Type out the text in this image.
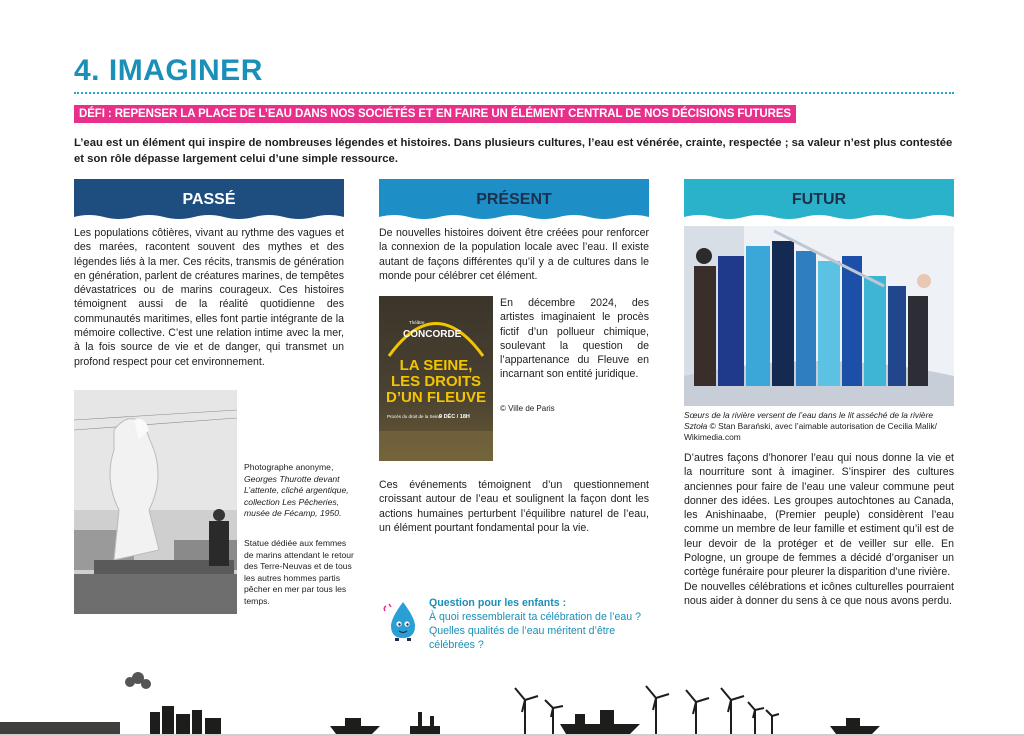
4. IMAGINER
DÉFI : REPENSER LA PLACE DE L’EAU DANS NOS SOCIÉTÉS ET EN FAIRE UN ÉLÉMENT CENTRAL DE NOS DÉCISIONS FUTURES
L’eau est un élément qui inspire de nombreuses légendes et histoires. Dans plusieurs cultures, l’eau est vénérée, crainte, respectée ; sa valeur n’est plus contestée et son rôle dépasse largement celui d’une simple ressource.
PASSÉ	PRÉSENT	FUTUR
Les populations côtières, vivant au rythme des vagues et des marées, racontent souvent des mythes et des légendes liés à la mer. Ces récits, transmis de génération en génération, parlent de créatures marines, de tempêtes dévastatrices ou de marins courageux. Ces histoires témoignent aussi de la réalité quotidienne des communautés maritimes, elles font partie intégrante de la mémoire collective. C’est une relation intime avec la mer, à la fois source de vie et de danger, qui transmet un profond respect pour cet environnement.
Photographe anonyme, Georges Thurotte devant L’attente, cliché argentique, collection Les Pêcheries, musée de Fécamp, 1950.
Statue dédiée aux femmes de marins attendant le retour des Terre-Neuvas et de tous les autres hommes partis pêcher en mer par tous les temps.
De nouvelles histoires doivent être créées pour renforcer la connexion de la population locale avec l’eau. Il existe autant de façons différentes qu’il y a de cultures dans le monde pour célébrer cet élément.
Théâtre
CONCORDE
LA SEINE,
LES DROITS
D’UN FLEUVE
Procès du droit de la Seine
9 DÉC / 18H
En décembre 2024, des artistes imaginaient le procès fictif d’un pollueur chimique, soulevant la question de l’appartenance du Fleuve en incarnant son entité juridique.
© Ville de Paris
Ces événements témoignent d’un questionnement croissant autour de l’eau et soulignent la façon dont les actions humaines perturbent l’équilibre naturel de l’eau, un élément pourtant fondamental pour la vie.
Question pour les enfants :
À quoi ressemblerait ta célébration de l’eau ? Quelles qualités de l’eau méritent d’être célébrées ?
Sœurs de la rivière versent de l’eau dans le lit asséché de la rivière Sztoła © Stan Barański, avec l’aimable autorisation de Cecilia Malik/ Wikimedia.com
D’autres façons d’honorer l’eau qui nous donne la vie et la nourriture sont à imaginer. S’inspirer des cultures anciennes pour faire de l’eau une valeur commune peut donner des idées. Les groupes autochtones au Canada, les Anishinaabe, (Premier peuple) considèrent l’eau comme un membre de leur famille et estiment qu’il est de leur devoir de la protéger et de veiller sur elle. En Pologne, un groupe de femmes a décidé d’organiser un cortège funéraire pour pleurer la disparition d’une rivière.
De nouvelles célébrations et icônes culturelles pourraient nous aider à donner du sens à ce que nous avons perdu.
